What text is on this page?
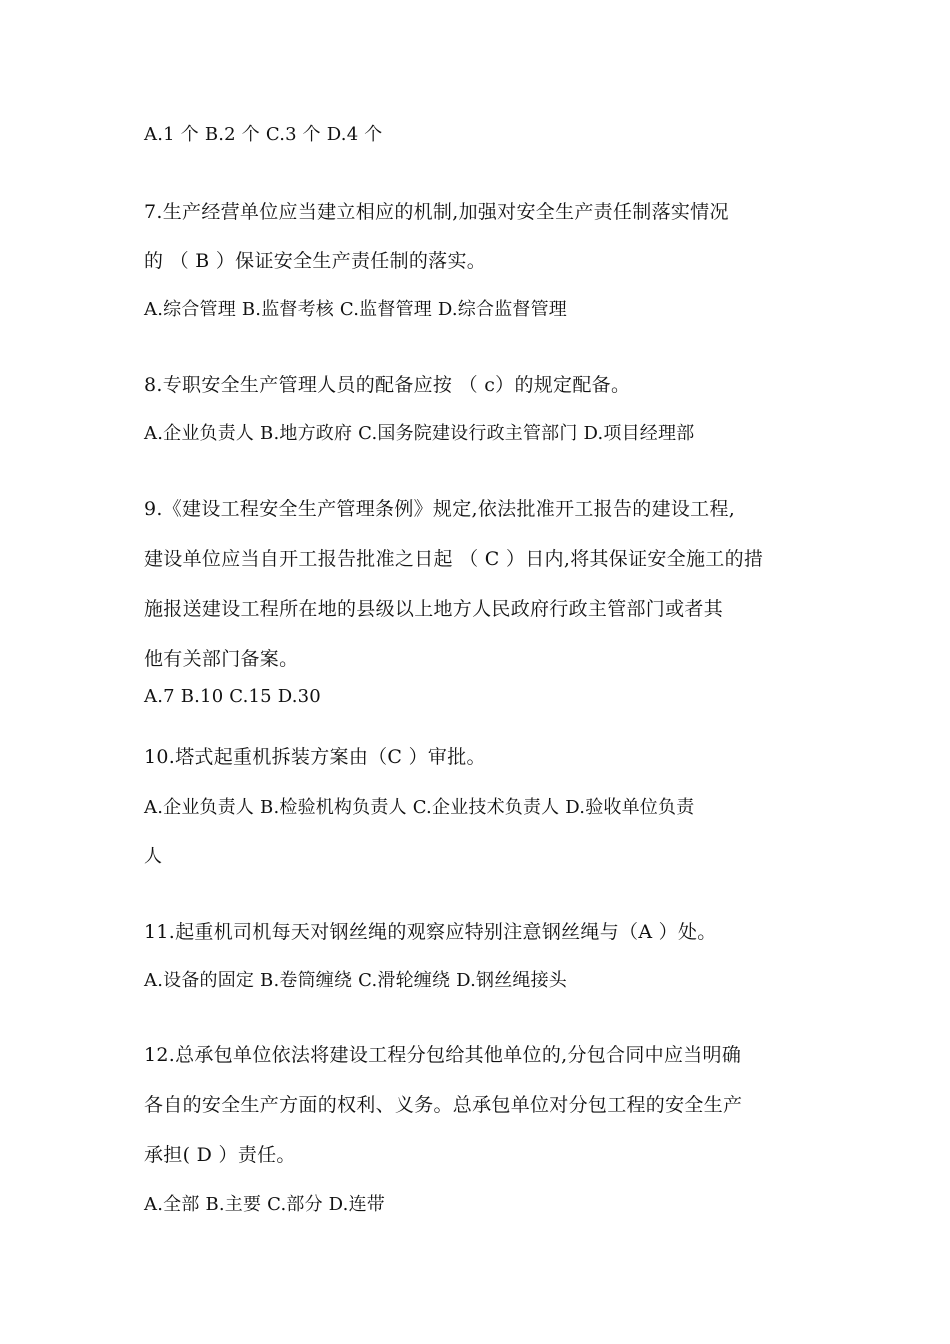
A.1 个 B.2 个 C.3 个 D.4 个
7.生产经营单位应当建立相应的机制,加强对安全生产责任制落实情况
的 （ B ）保证安全生产责任制的落实。
A.综合管理 B.监督考核 C.监督管理 D.综合监督管理
8.专职安全生产管理人员的配备应按 （ c）的规定配备。
A.企业负责人 B.地方政府 C.国务院建设行政主管部门 D.项目经理部
9.《建设工程安全生产管理条例》规定,依法批准开工报告的建设工程,
建设单位应当自开工报告批准之日起 （ C ）日内,将其保证安全施工的措
施报送建设工程所在地的县级以上地方人民政府行政主管部门或者其
他有关部门备案。
A.7 B.10 C.15 D.30
10.塔式起重机拆装方案由（C ）审批。
A.企业负责人 B.检验机构负责人 C.企业技术负责人 D.验收单位负责
人
11.起重机司机每天对钢丝绳的观察应特别注意钢丝绳与（A ）处。
A.设备的固定 B.卷筒缠绕 C.滑轮缠绕 D.钢丝绳接头
12.总承包单位依法将建设工程分包给其他单位的,分包合同中应当明确
各自的安全生产方面的权利、义务。总承包单位对分包工程的安全生产
承担( D ）责任。
A.全部 B.主要 C.部分 D.连带
